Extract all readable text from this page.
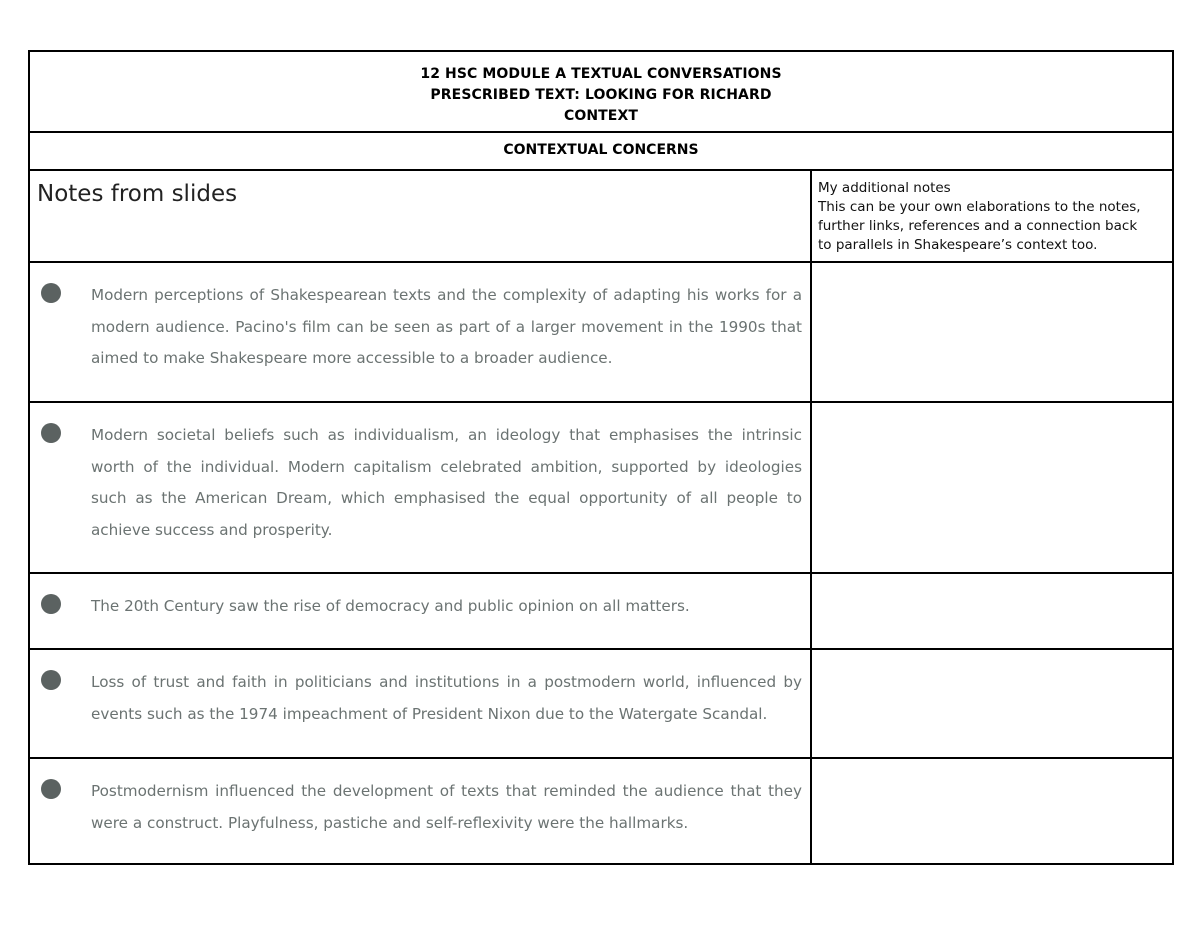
12 HSC MODULE A TEXTUAL CONVERSATIONS
PRESCRIBED TEXT: LOOKING FOR RICHARD
CONTEXT
CONTEXTUAL CONCERNS
Notes from slides	My additional notes
This can be your own elaborations to the notes,
further links, references and a connection back
to parallels in Shakespeare’s context too.
Modern perceptions of Shakespearean texts and the complexity of adapting his works for a modern audience. Pacino's film can be seen as part of a larger movement in the 1990s that aimed to make Shakespeare more accessible to a broader audience.
Modern societal beliefs such as individualism, an ideology that emphasises the intrinsic worth of the individual. Modern capitalism celebrated ambition, supported by ideologies such as the American Dream, which emphasised the equal opportunity of all people to achieve success and prosperity.
The 20th Century saw the rise of democracy and public opinion on all matters.
Loss of trust and faith in politicians and institutions in a postmodern world, influenced by events such as the 1974 impeachment of President Nixon due to the Watergate Scandal.
Postmodernism influenced the development of texts that reminded the audience that they were a construct. Playfulness, pastiche and self-reflexivity were the hallmarks.
